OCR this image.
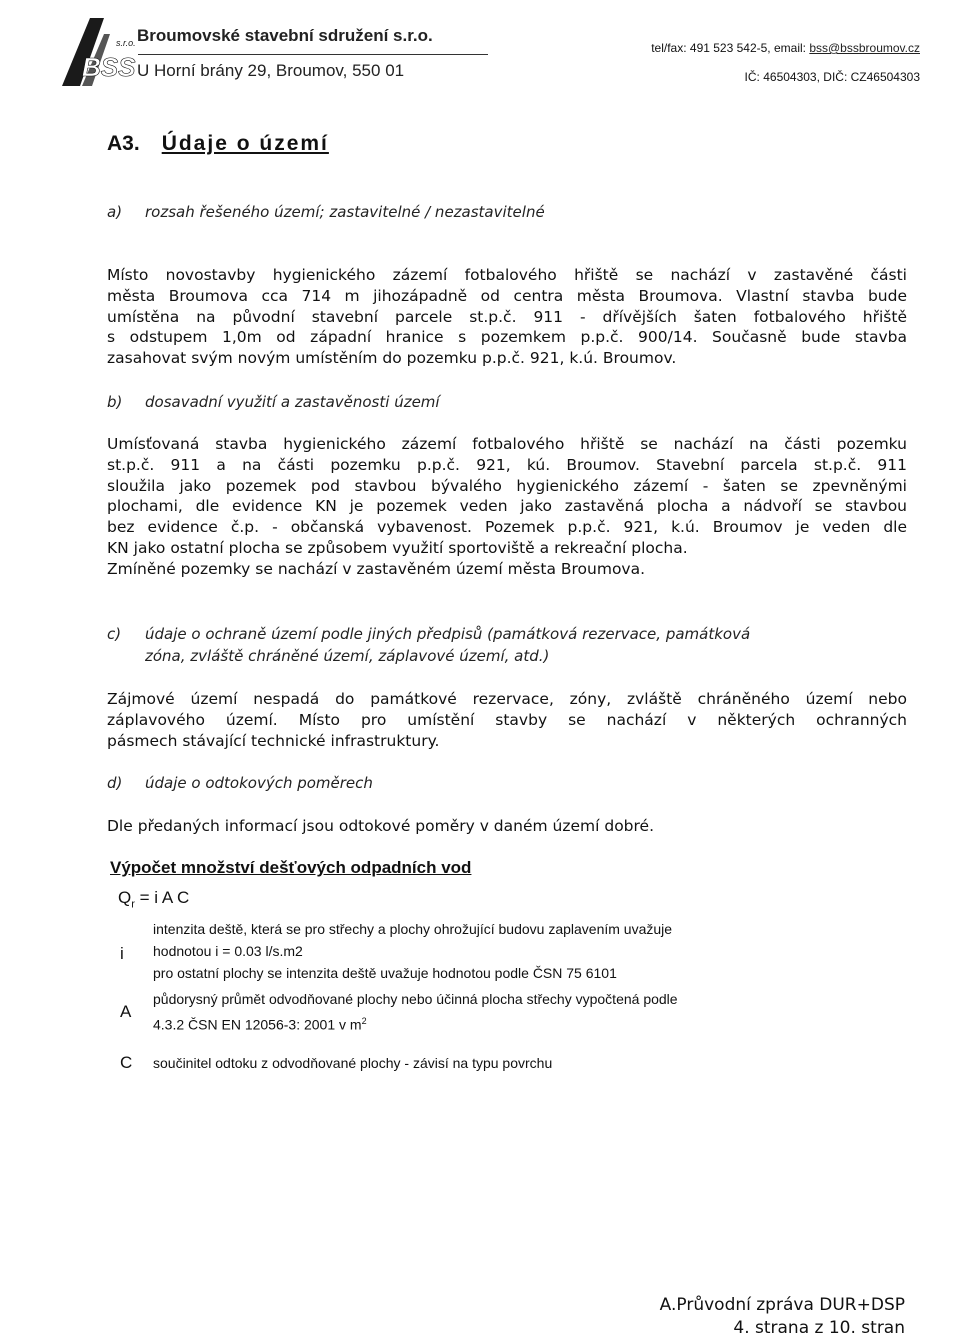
BSS
s.r.o. Broumovské stavební sdružení s.r.o.
U Horní brány 29, Broumov, 550 01
tel/fax: 491 523 542-5, email: bss@bssbroumov.cz
IČ: 46504303, DIČ: CZ46504303
A3. Údaje o území
a) rozsah řešeného území; zastavitelné / nezastavitelné
Místo novostavby hygienického zázemí fotbalového hřiště se nachází v zastavěné části
města Broumova cca 714 m jihozápadně od centra města Broumova. Vlastní stavba bude
umístěna na původní stavební parcele st.p.č. 911 - dřívějších šaten fotbalového hřiště
s odstupem 1,0m od západní hranice s pozemkem p.p.č. 900/14. Současně bude stavba
zasahovat svým novým umístěním do pozemku p.p.č. 921, k.ú. Broumov.
b) dosavadní využití a zastavěnosti území
Umísťovaná stavba hygienického zázemí fotbalového hřiště se nachází na části pozemku
st.p.č. 911 a na části pozemku p.p.č. 921, kú. Broumov. Stavební parcela st.p.č. 911
sloužila jako pozemek pod stavbou bývalého hygienického zázemí - šaten se zpevněnými
plochami, dle evidence KN je pozemek veden jako zastavěná plocha a nádvoří se stavbou
bez evidence č.p. - občanská vybavenost. Pozemek p.p.č. 921, k.ú. Broumov je veden dle
KN jako ostatní plocha se způsobem využití sportoviště a rekreační plocha.
Zmíněné pozemky se nachází v zastavěném území města Broumova.
c) údaje o ochraně území podle jiných předpisů (památková rezervace, památková
zóna, zvláště chráněné území, záplavové území, atd.)
Zájmové území nespadá do památkové rezervace, zóny, zvláště chráněného území nebo
záplavového území. Místo pro umístění stavby se nachází v některých ochranných
pásmech stávající technické infrastruktury.
d) údaje o odtokových poměrech
Dle předaných informací jsou odtokové poměry v daném území dobré.
Výpočet množství dešťových odpadních vod
$Q_r = i$ A C
i
intenzita deště, která se pro střechy a plochy ohrožující budovu zaplavením uvažuje
hodnotou i = 0.03 l/s.m2
pro ostatní plochy se intenzita deště uvažuje hodnotou podle ČSN 75 6101
A
půdorysný průmět odvodňované plochy nebo účinná plocha střechy vypočtená podle
4.3.2 ČSN EN 12056-3: 2001 v $m^2$
C součinitel odtoku z odvodňované plochy - závisí na typu povrchu
A.Průvodní zpráva DUR+DSP
4. strana z 10. stran
